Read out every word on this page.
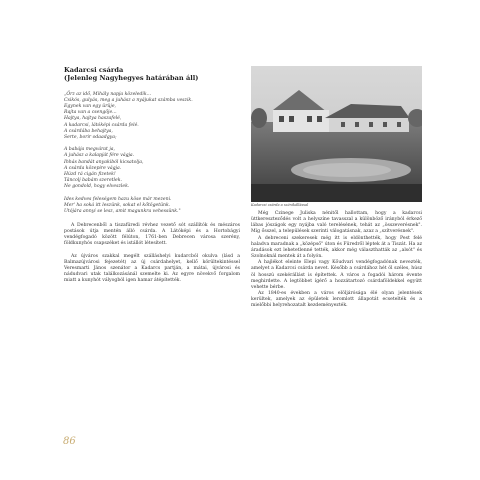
Kadarcsi csárda
(Jelenleg Nagyhegyes határában áll)
„Őrz az idő, Mihály napja közeledik...
Csikós, gulyás, meg a juhász a nyájukat számba veszik.
Egynek van egy ürüje,
Rajta van a csengője...
Hajtya, hajtya haszafelé,
A kadarcsi, látóképi csárda felé.
A csárdába behajtya,
Serte, borir odaadgya;
A babája megvárat ja,
A juhász a kalapját fére vágja.
Ihhás bandát anyakiból kicsatolja,
A csárda közepire vágja.
Húzd rá cigán fizetek!
Táncolj babám szeretlek.
Ne gondold, hogy elveszlek.
Ides kedves feleségem hazu köse már mezeni.
Mer' ha soká itt leszünk, sokat el kőtögetünk.
Utójára annyi se lesz, amit magunkra vehessünk."

A Debrecenből a tiszafüredi révhez vezető sót szállítók és mészáros postások útja mentén álló csárda. A Látóképi és a Hortobágyi vendégfogadó között félúton, 1761-ben Debrecen városa szerény, földkunyhós csapszéket és istállót létesített.

Az újváros szakkal megélt szálláshelyi kudarcból okulva (lásd a Balmazújvárosi fejezetét) az új csárdahelyet, kellő körültekintéssel Veresmarti János szenátor a Kadarcs partján, a mátai, újvárosi és nádudvari utak találkozásánál szemelte ki. Az egyre növekvő forgalom miatt a kunyhót vályogból igen hamar átépítették.

Kadarcsi csárda a szénikállással

Még Czinege Juliska nénitől hallottam, hogy a kadarcsi üttkereszteződés volt a helyszíne tavasszal a különböző irányból érkező lábas jószágok egy nyájba való terelésének, tehát az „összeverésnek". Míg ősszel, a települések szerinti válogatásnak, azaz a „szítverésnek".

A debreceni szekeresek még itt is eldönthették, hogy Pest felé haladva maradnak a „középső" úton és Füredről léptek át a Tiszát. Ha az áradások ezt lehetetlenné tették, akkor még választhatták az „alsót" és Szolnoknál mentek át a folyón.

A hajlékot eleinte Elepi vagy Kőudvari vendégfogadónak nevezték, amelyet a Kadarcsi csárda nevet. Később a csárdához hét öl széles, húsz öl hosszú szekérállást is építettek. A város a fogadói három évente meghirdette. A legtöbbet ígérő a hozzátartozó csárdaföldekkel együtt vehette bérbe.

Az 1840-es években a város elöljárósága élé olyan jelentések kerültek, amelyek az épületek leromlott állapotát ecsetelték és a mielőbbi helyrehozatalt kezdeményezték.

86
